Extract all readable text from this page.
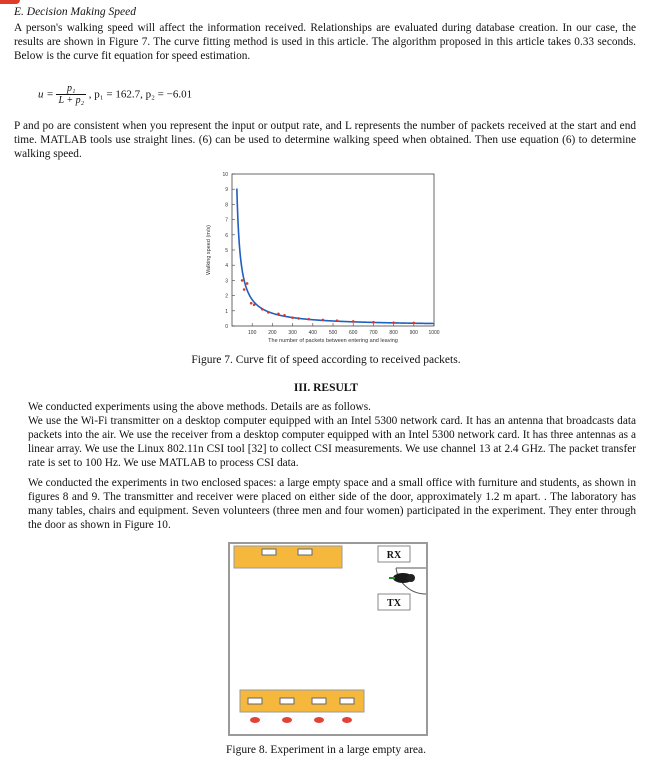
E. Decision Making Speed
A person's walking speed will affect the information received. Relationships are evaluated during database creation. In our case, the results are shown in Figure 7. The curve fitting method is used in this article. The algorithm proposed in this article takes 0.33 seconds. Below is the curve fit equation for speed estimation.
$u = \frac{\text{p₁}}{\text{L + p₂}}$ , p₁ = 162.7, p₂ = −6.01
P and po are consistent when you represent the input or output rate, and L represents the number of packets received at the start and end time. MATLAB tools use straight lines. (6) can be used to determine walking speed when obtained. Then use equation (6) to determine walking speed.
0
1
2
3
4
5
6
7
8
9
10
100 200 300 400 500 600 700 800 900 1000
The number of packets between entering and leaving
Walking speed (m/s)
Figure 7. Curve fit of speed according to received packets.
III. RESULT
We conducted experiments using the above methods. Details are as follows.
We use the Wi-Fi transmitter on a desktop computer equipped with an Intel 5300 network card. It has an antenna that broadcasts data packets into the air. We use the receiver from a desktop computer equipped with an Intel 5300 network card. It has three antennas as a linear array. We use the Linux 802.11n CSI tool [32] to collect CSI measurements. We use channel 13 at 2.4 GHz. The packet transfer rate is set to 100 Hz. We use MATLAB to process CSI data.
We conducted the experiments in two enclosed spaces: a large empty space and a small office with furniture and students, as shown in figures 8 and 9. The transmitter and receiver were placed on either side of the door, approximately 1.2 m apart. . The laboratory has many tables, chairs and equipment. Seven volunteers (three men and four women) participated in the experiment. They enter through the door as shown in Figure 10.
RX
TX
Figure 8. Experiment in a large empty area.
